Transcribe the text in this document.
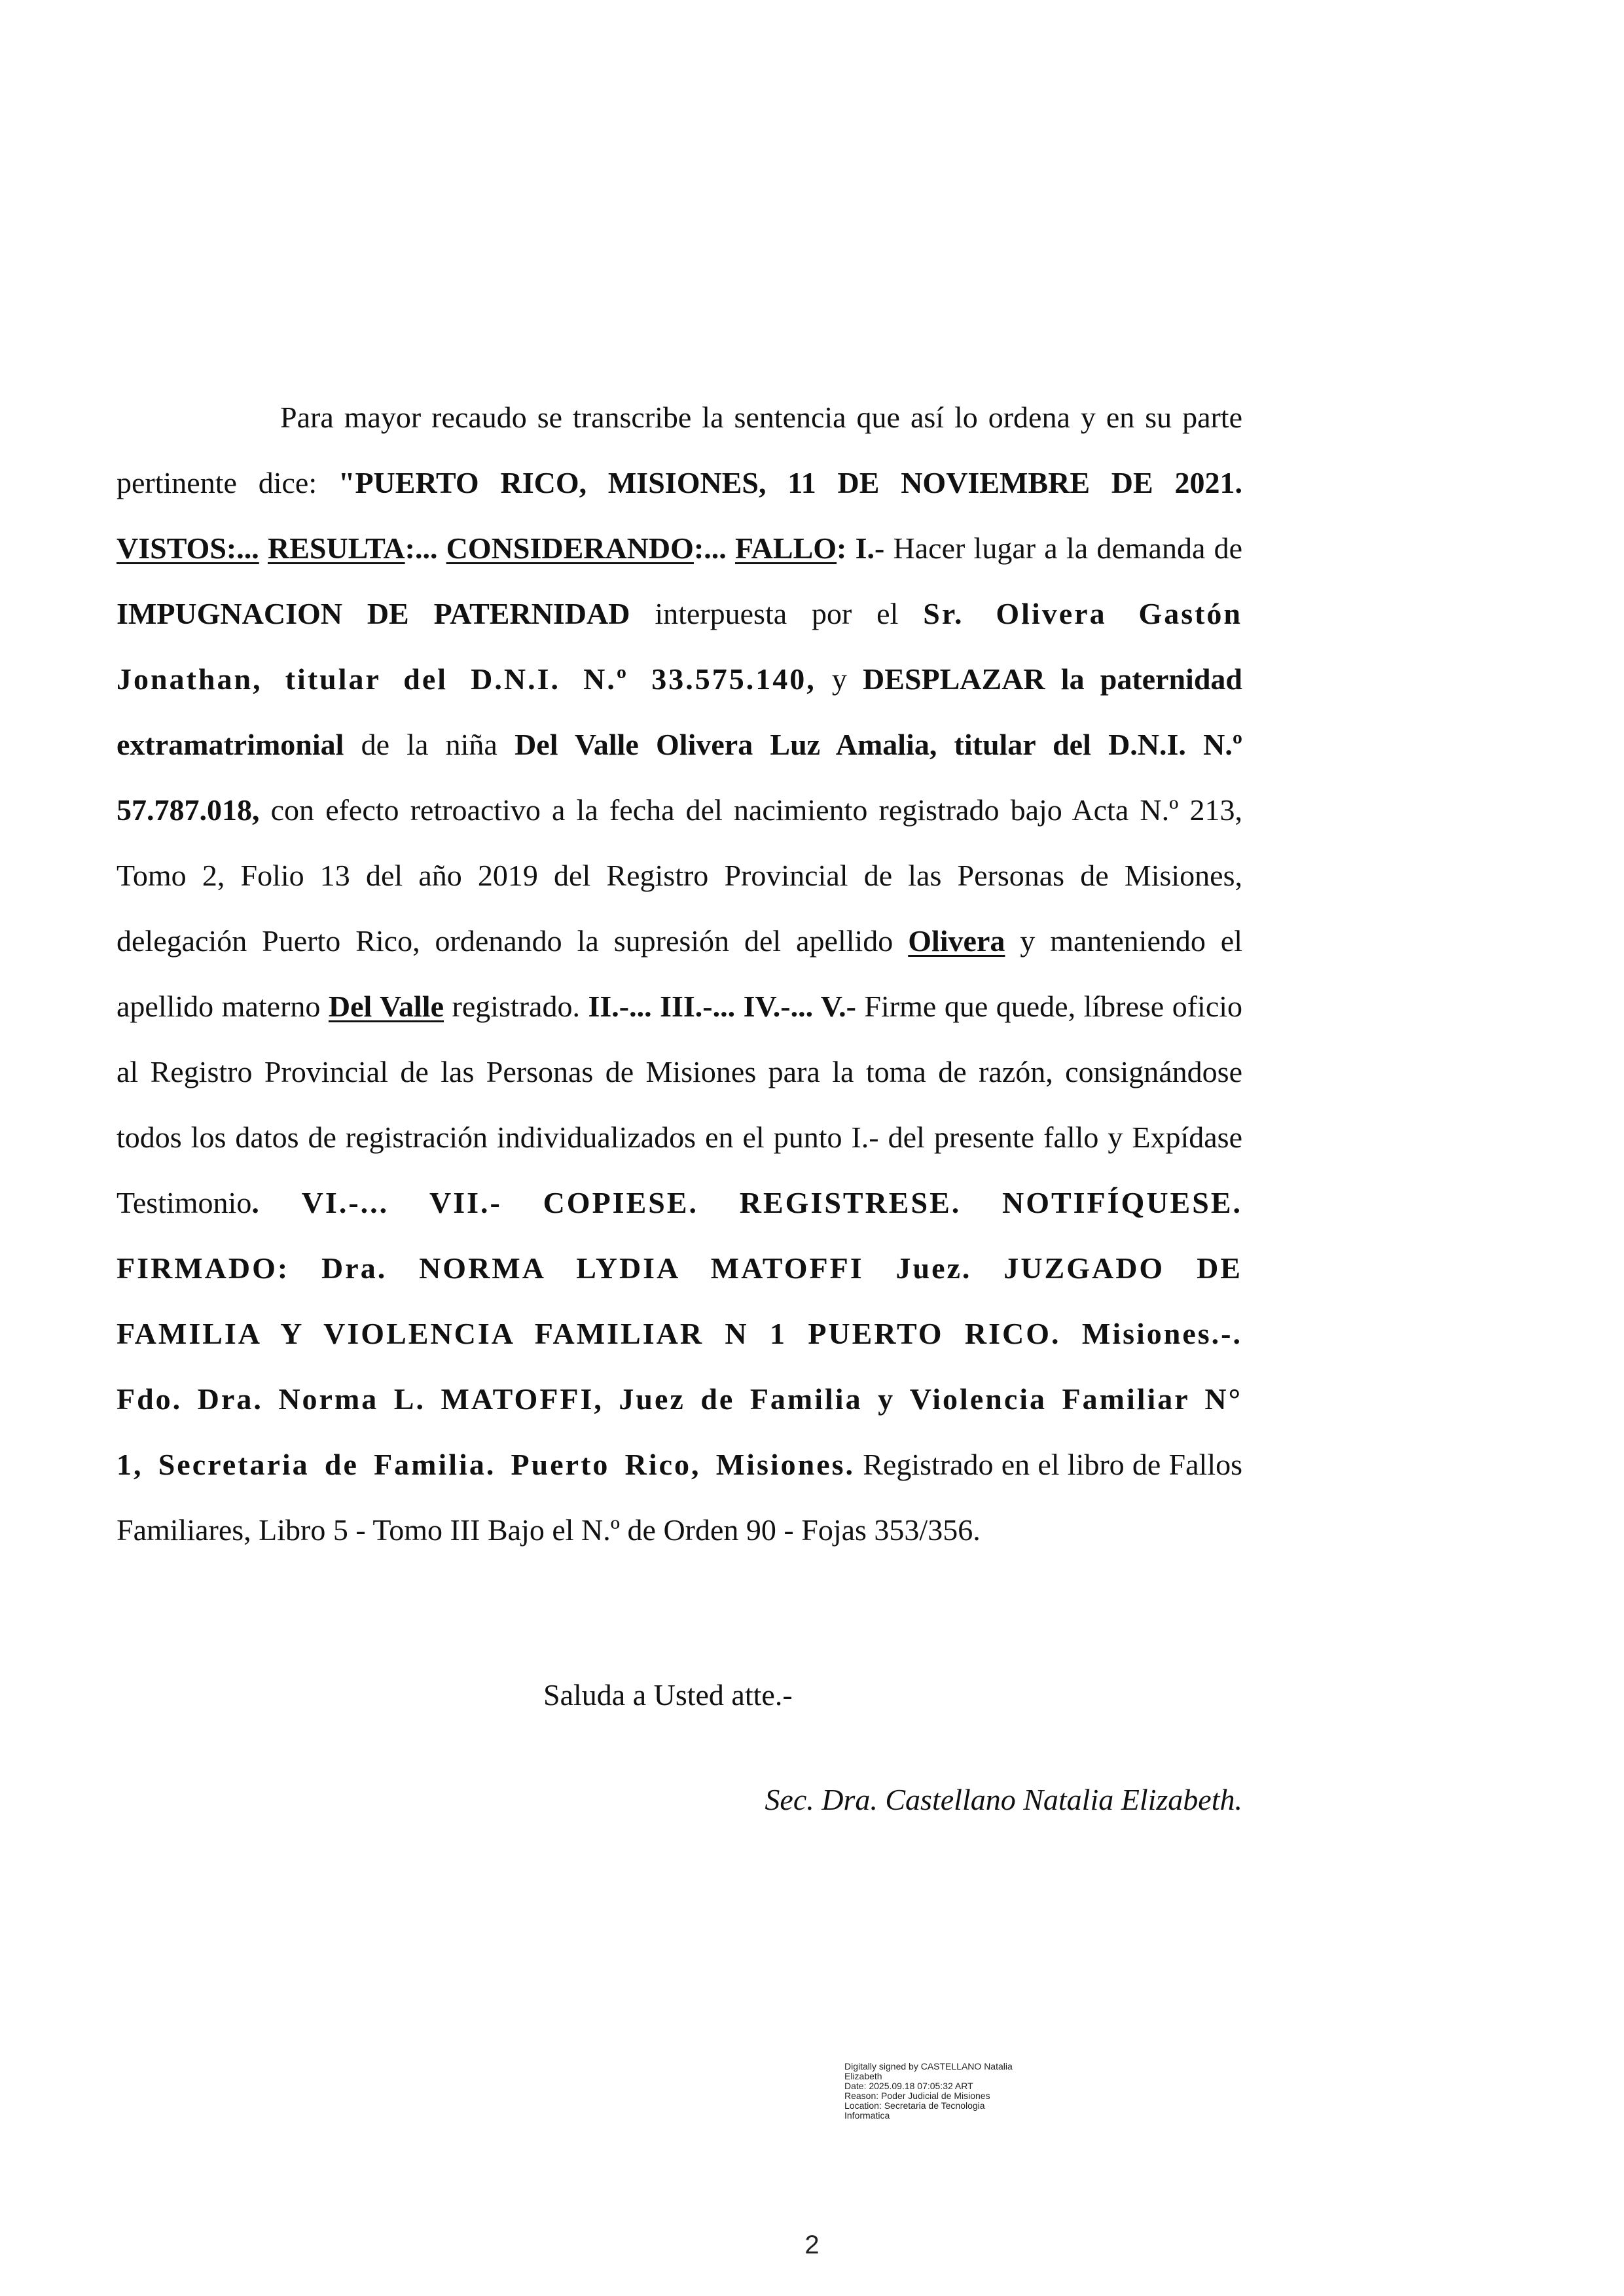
Para mayor recaudo se transcribe la sentencia que así lo ordena y en su parte pertinente dice: "PUERTO RICO, MISIONES, 11 DE NOVIEMBRE DE 2021. VISTOS:... RESULTA:... CONSIDERANDO:... FALLO: I.- Hacer lugar a la demanda de IMPUGNACION DE PATERNIDAD interpuesta por el Sr. Olivera Gastón Jonathan, titular del D.N.I. N.º 33.575.140, y DESPLAZAR la paternidad extramatrimonial de la niña Del Valle Olivera Luz Amalia, titular del D.N.I. N.º 57.787.018, con efecto retroactivo a la fecha del nacimiento registrado bajo Acta N.º 213, Tomo 2, Folio 13 del año 2019 del Registro Provincial de las Personas de Misiones, delegación Puerto Rico, ordenando la supresión del apellido Olivera y manteniendo el apellido materno Del Valle registrado. II.-... III.-... IV.-... V.- Firme que quede, líbrese oficio al Registro Provincial de las Personas de Misiones para la toma de razón, consignándose todos los datos de registración individualizados en el punto I.- del presente fallo y Expídase Testimonio. VI.-... VII.- COPIESE. REGISTRESE. NOTIFÍQUESE. FIRMADO: Dra. NORMA LYDIA MATOFFI Juez. JUZGADO DE FAMILIA Y VIOLENCIA FAMILIAR N 1 PUERTO RICO. Misiones.-. Fdo. Dra. Norma L. MATOFFI, Juez de Familia y Violencia Familiar N° 1, Secretaria de Familia. Puerto Rico, Misiones. Registrado en el libro de Fallos Familiares, Libro 5 - Tomo III Bajo el N.º de Orden 90 - Fojas 353/356.

Saluda a Usted atte.-
Sec. Dra. Castellano Natalia Elizabeth.
Digitally signed by CASTELLANO Natalia
Elizabeth
Date: 2025.09.18 07:05:32 ART
Reason: Poder Judicial de Misiones
Location: Secretaria de Tecnologia
Informatica
2
